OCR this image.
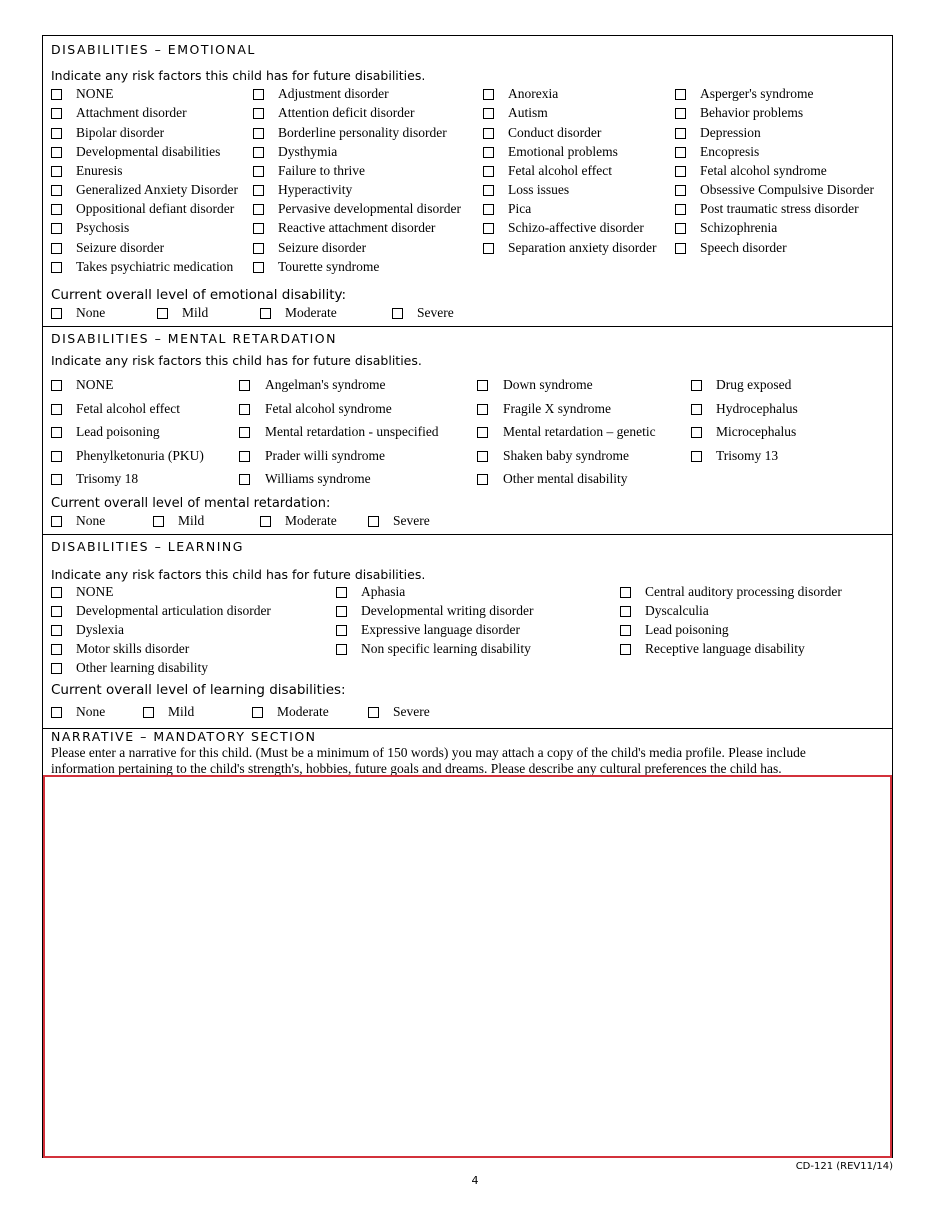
DISABILITIES – EMOTIONAL
Indicate any risk factors this child has for future disabilities.
NONE	Adjustment disorder	Anorexia	Asperger's syndrome
Attachment disorder	Attention deficit disorder	Autism	Behavior problems
Bipolar disorder	Borderline personality disorder	Conduct disorder	Depression
Developmental disabilities	Dysthymia	Emotional problems	Encopresis
Enuresis	Failure to thrive	Fetal alcohol effect	Fetal alcohol syndrome
Generalized Anxiety Disorder	Hyperactivity	Loss issues	Obsessive Compulsive Disorder
Oppositional defiant disorder	Pervasive developmental disorder	Pica	Post traumatic stress disorder
Psychosis	Reactive attachment disorder	Schizo-affective disorder	Schizophrenia
Seizure disorder	Seizure disorder	Separation anxiety disorder	Speech disorder
Takes psychiatric medication	Tourette syndrome
Current overall level of emotional disability:
None	Mild	Moderate	Severe
DISABILITIES – MENTAL RETARDATION
Indicate any risk factors this child has for future disablities.
NONE	Angelman's syndrome	Down syndrome	Drug exposed
Fetal alcohol effect	Fetal alcohol syndrome	Fragile X syndrome	Hydrocephalus
Lead poisoning	Mental retardation - unspecified	Mental retardation – genetic	Microcephalus
Phenylketonuria (PKU)	Prader willi syndrome	Shaken baby syndrome	Trisomy 13
Trisomy 18	Williams syndrome	Other mental disability
Current overall level of mental retardation:
None	Mild	Moderate	Severe
DISABILITIES – LEARNING
Indicate any risk factors this child has for future disabilities.
NONE	Aphasia	Central auditory processing disorder
Developmental articulation disorder	Developmental writing disorder	Dyscalculia
Dyslexia	Expressive language disorder	Lead poisoning
Motor skills disorder	Non specific learning disability	Receptive language disability
Other learning disability
Current overall level of learning disabilities:
None	Mild	Moderate	Severe
NARRATIVE – MANDATORY SECTION
Please enter a narrative for this child. (Must be a minimum of 150 words) you may attach a copy of the child's media profile. Please include information pertaining to the child's strength's, hobbies, future goals and dreams. Please describe any cultural preferences the child has.
CD-121 (REV11/14)
4
